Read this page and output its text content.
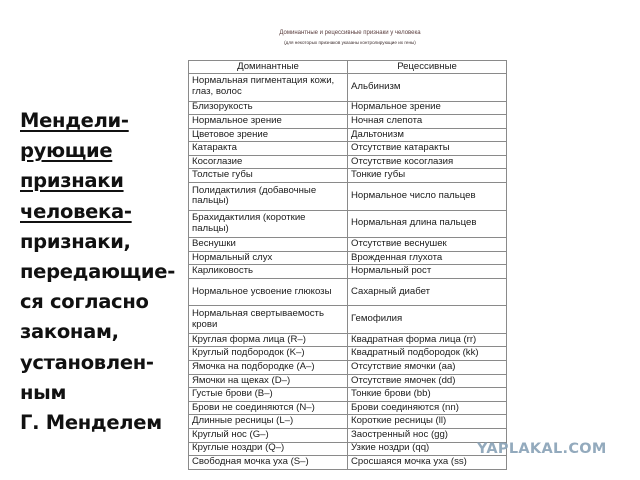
Доминантные и рецессивные признаки у человека
(для некоторых признаков указаны контролирующие их гены)
Мендели-
рующие
признаки
человека-
признаки,
передающие-
ся согласно
законам,
установлен-
ным
Г. Менделем
Доминантные	Рецессивные
Нормальная пигментация кожи, глаз, волос	Альбинизм
Близорукость	Нормальное зрение
Нормальное зрение	Ночная слепота
Цветовое зрение	Дальтонизм
Катаракта	Отсутствие катаракты
Косоглазие	Отсутствие косоглазия
Толстые губы	Тонкие губы
Полидактилия (добавочные пальцы)	Нормальное число пальцев
Брахидактилия (короткие пальцы)	Нормальная длина пальцев
Веснушки	Отсутствие веснушек
Нормальный слух	Врожденная глухота
Карликовость	Нормальный рост
Нормальное усвоение глюкозы	Сахарный диабет
Нормальная свертываемость крови	Гемофилия
Круглая форма лица (R–)	Квадратная форма лица (rr)
Круглый подбородок (K–)	Квадратный подбородок (kk)
Ямочка на подбородке (A–)	Отсутствие ямочки (aa)
Ямочки на щеках (D–)	Отсутствие ямочек (dd)
Густые брови (B–)	Тонкие брови (bb)
Брови не соединяются (N–)	Брови соединяются (nn)
Длинные ресницы (L–)	Короткие ресницы (ll)
Круглый нос (G–)	Заостренный нос (gg)
Круглые ноздри (Q–)	Узкие ноздри (qq)
Свободная мочка уха (S–)	Сросшаяся мочка уха (ss)
YAPLAKAL.COM
